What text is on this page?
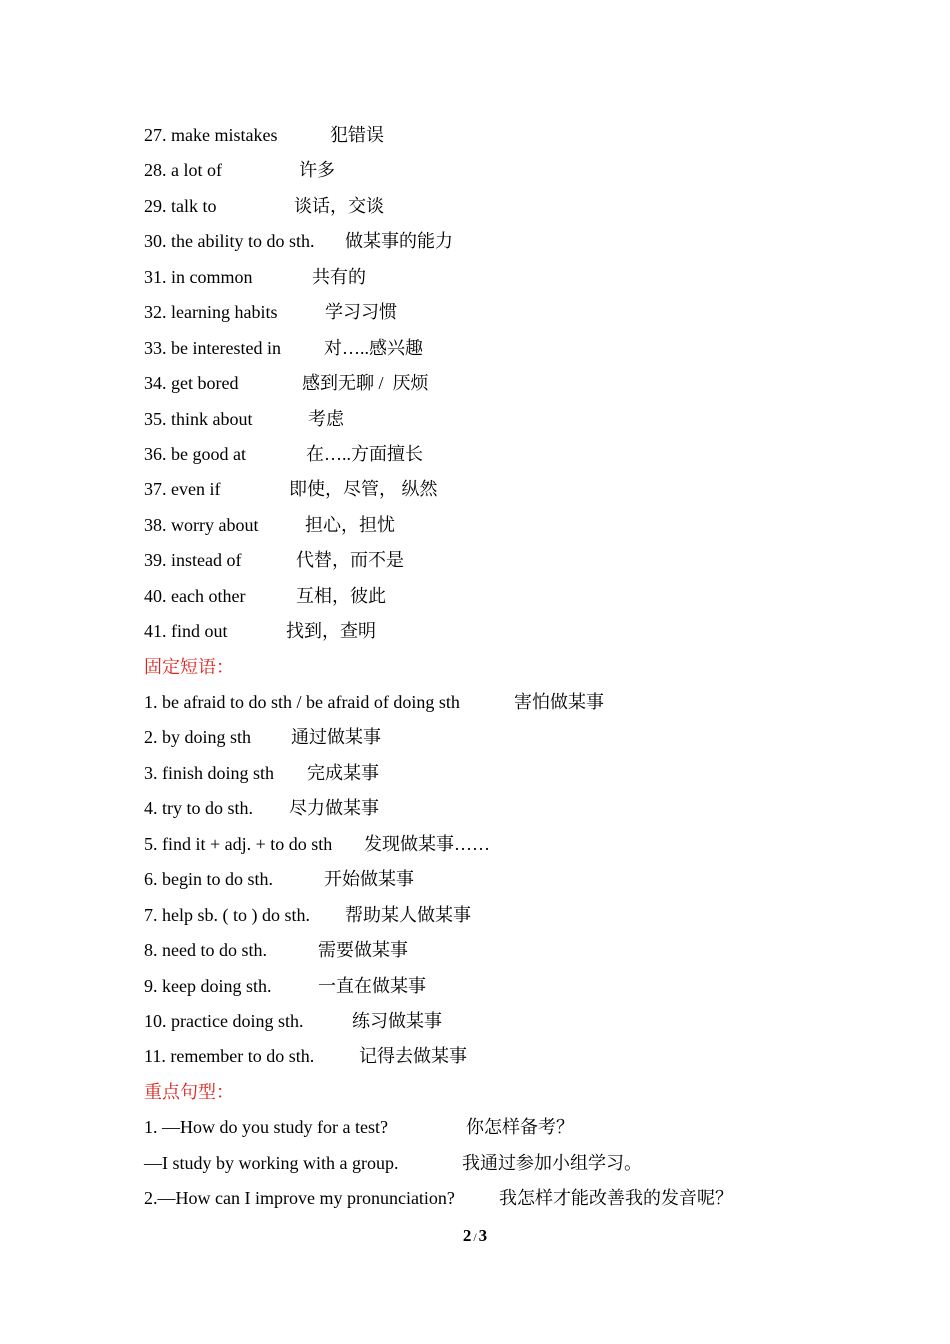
27. make mistakes	犯错误
28. a lot of	许多
29. talk to	谈话，交谈
30. the ability to do sth. 做某事的能力
31. in common	共有的
32. learning habits	学习习惯
33. be interested in 对…..感兴趣
34. get bored	感到无聊 /  厌烦
35. think about	考虑
36. be good at	在…..方面擅长
37. even if	即使，尽管， 纵然
38. worry about	担心，担忧
39. instead of	代替，而不是
40. each other	互相，彼此
41. find out	找到，查明
固定短语：
1. be afraid to do sth / be afraid of doing sth	害怕做某事
2. by doing sth 通过做某事
3. finish doing sth 完成某事
4. try to do sth. 尽力做某事
5. find it + adj. + to do sth 发现做某事……
6. begin to do sth.	开始做某事
7. help sb. ( to ) do sth. 帮助某人做某事
8. need to do sth.	需要做某事
9. keep doing sth.	一直在做某事
10. practice doing sth.	练习做某事
11. remember to do sth. 记得去做某事
重点句型：
1. —How do you study for a test?	你怎样备考？
—I study by working with a group.	我通过参加小组学习。
2.—How can I improve my pronunciation? 我怎样才能改善我的发音呢？
2 / 3
